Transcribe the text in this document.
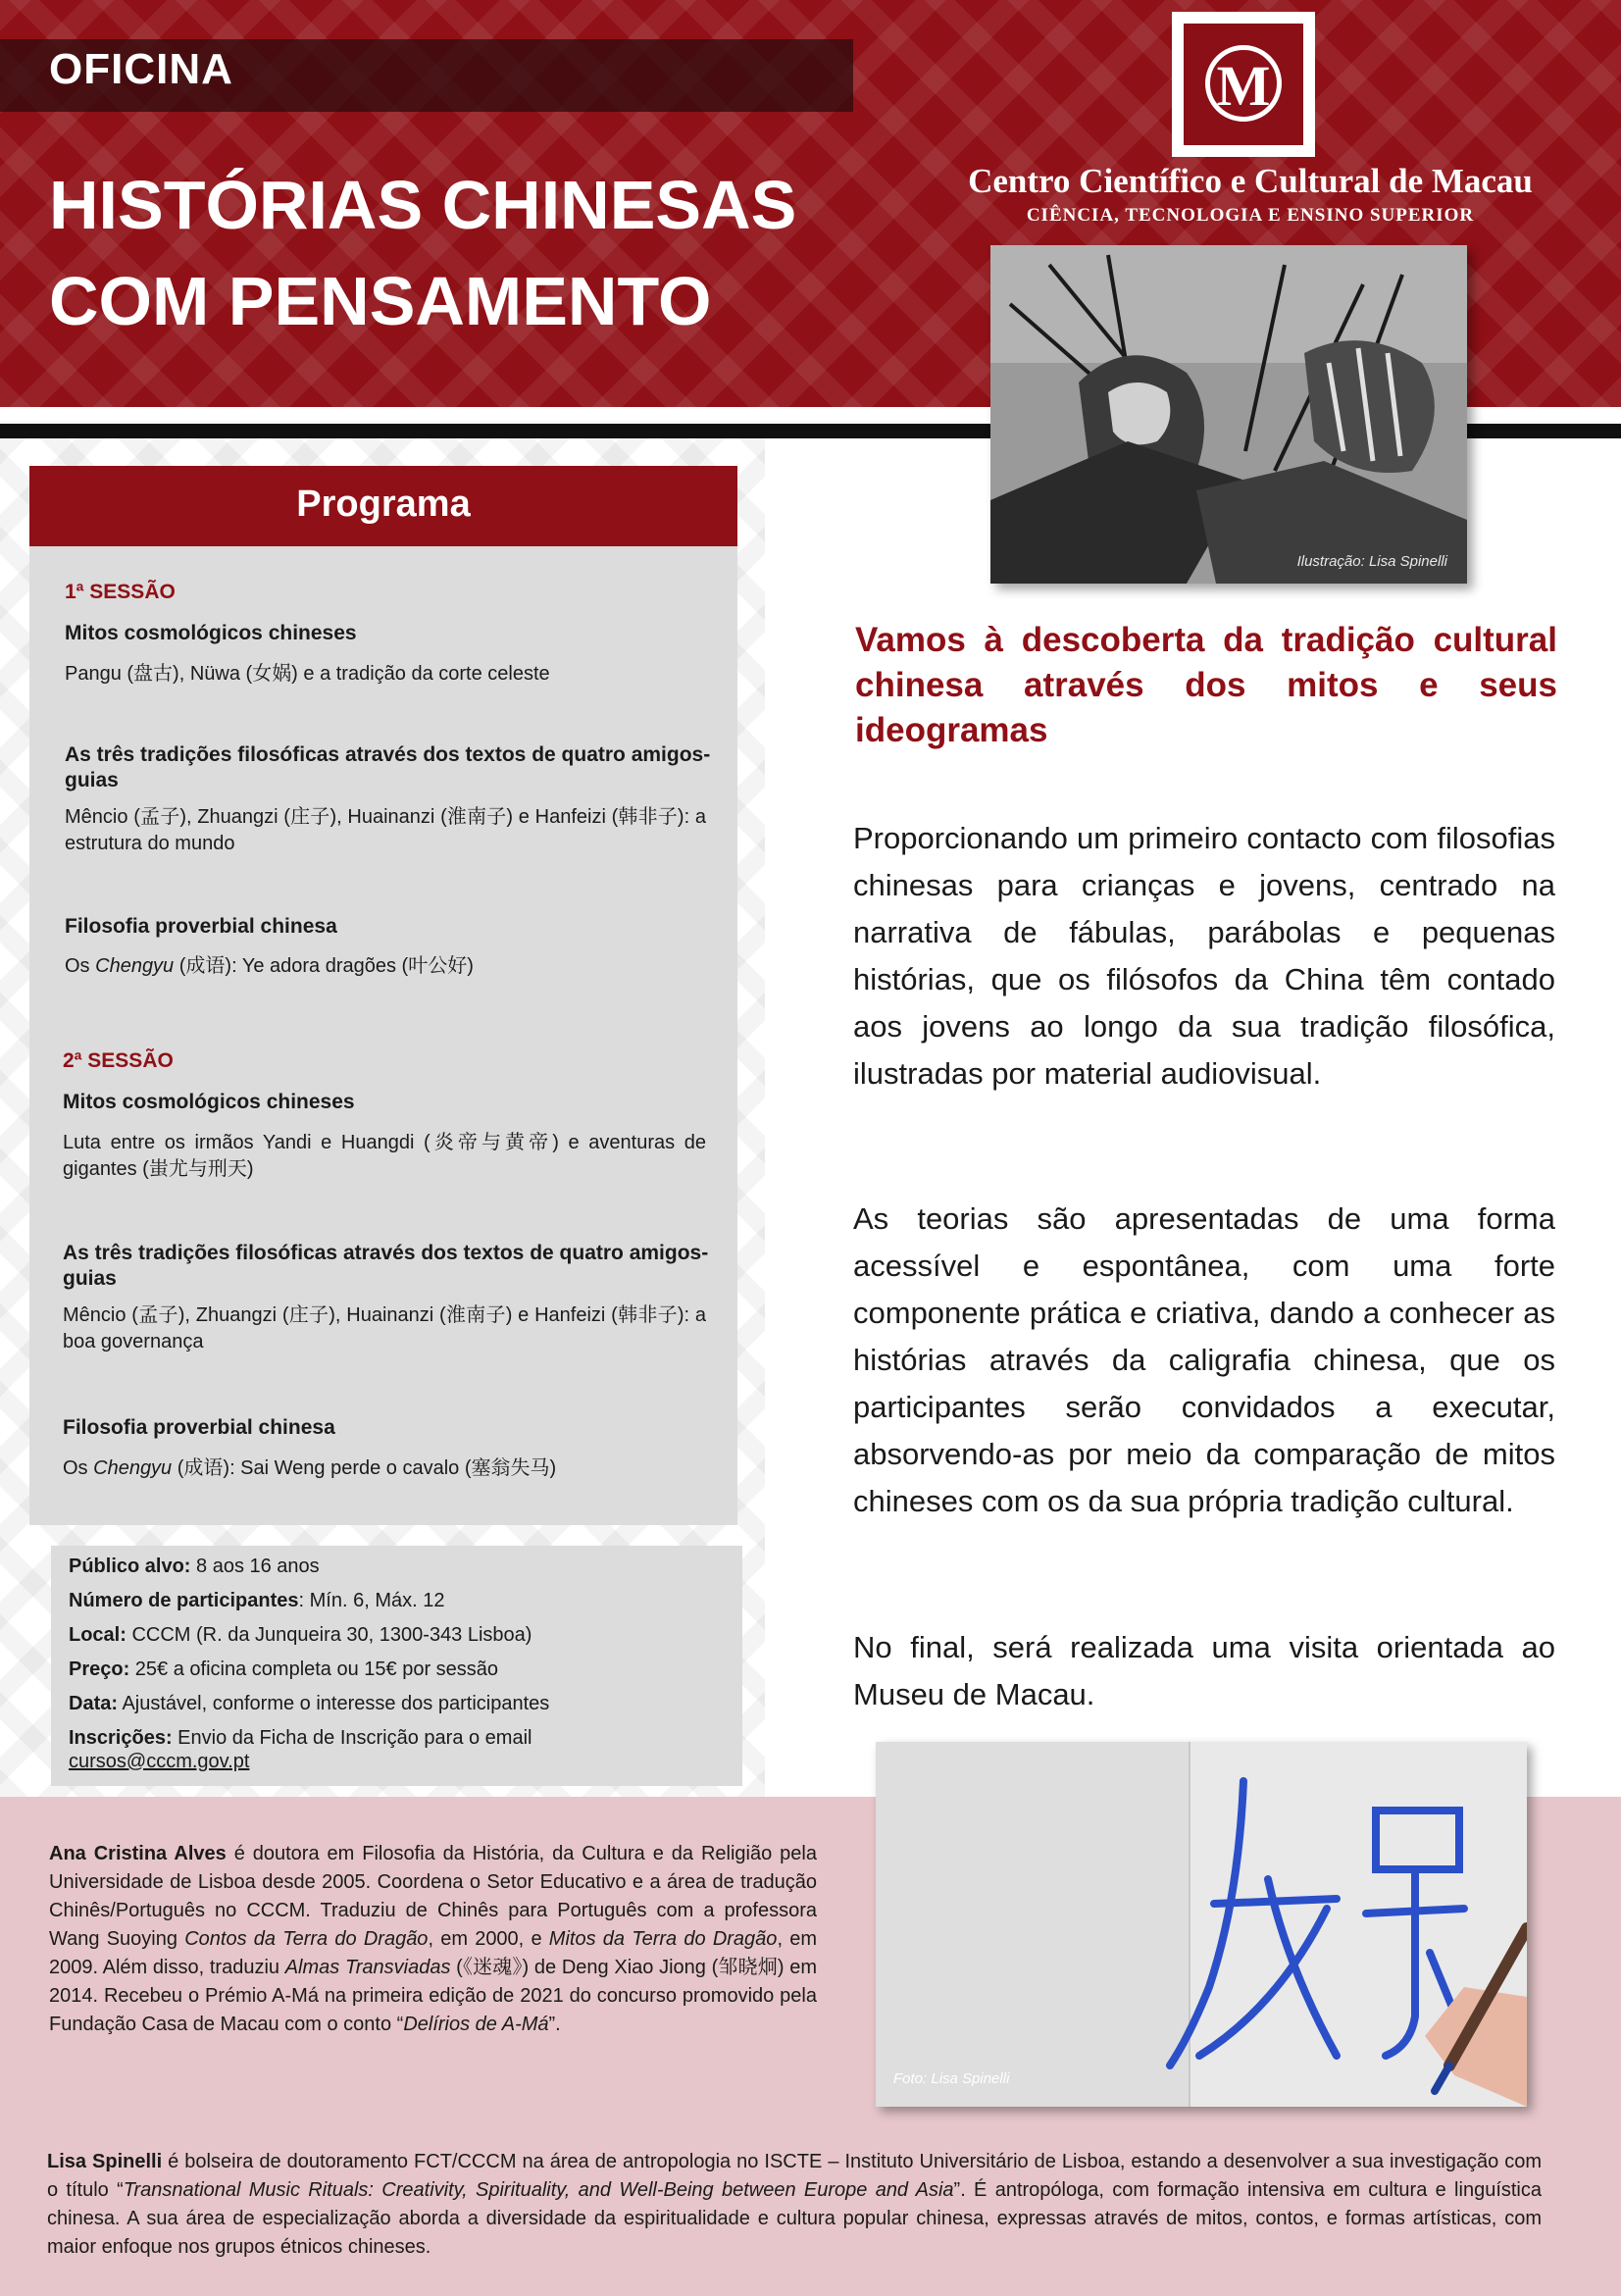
OFICINA
HISTÓRIAS CHINESAS
COM PENSAMENTO
M
Centro Científico e Cultural de Macau
CIÊNCIA, TECNOLOGIA E ENSINO SUPERIOR
Ilustração: Lisa Spinelli
Programa
1ª SESSÃO
Mitos cosmológicos chineses
Pangu (盘古), Nüwa (女娲) e a tradição da corte celeste
As três tradições filosóficas através dos textos de quatro amigos-guias
Mêncio (孟子), Zhuangzi (庄子), Huainanzi (淮南子) e Hanfeizi (韩非子): a estrutura do mundo
Filosofia proverbial chinesa
Os Chengyu (成语): Ye adora dragões (叶公好)
2ª SESSÃO
Mitos cosmológicos chineses
Luta entre os irmãos Yandi e Huangdi (炎帝与黄帝) e aventuras de gigantes (蚩尤与刑天)
As três tradições filosóficas através dos textos de quatro amigos-guias
Mêncio (孟子), Zhuangzi (庄子), Huainanzi (淮南子) e Hanfeizi (韩非子): a boa governança
Filosofia proverbial chinesa
Os Chengyu (成语): Sai Weng perde o cavalo (塞翁失马)
Público alvo: 8 aos 16 anos
Número de participantes: Mín. 6, Máx. 12
Local: CCCM (R. da Junqueira 30, 1300-343 Lisboa)
Preço: 25€ a oficina completa ou 15€ por sessão
Data: Ajustável, conforme o interesse dos participantes
Inscrições: Envio da Ficha de Inscrição para o email
cursos@cccm.gov.pt

Vamos à descoberta da tradição cultural chinesa através dos mitos e seus ideogramas

Proporcionando um primeiro contacto com filosofias chinesas para crianças e jovens, centrado na narrativa de fábulas, parábolas e pequenas histórias, que os filósofos da China têm contado aos jovens ao longo da sua tradição filosófica, ilustradas por material audiovisual.

As teorias são apresentadas de uma forma acessível e espontânea, com uma forte componente prática e criativa, dando a conhecer as histórias através da caligrafia chinesa, que os participantes serão convidados a executar, absorvendo-as por meio da comparação de mitos chineses com os da sua própria tradição cultural.

No final, será realizada uma visita orientada ao Museu de Macau.

Ana Cristina Alves é doutora em Filosofia da História, da Cultura e da Religião pela Universidade de Lisboa desde 2005. Coordena o Setor Educativo e a área de tradução Chinês/Português no CCCM. Traduziu de Chinês para Português com a professora Wang Suoying Contos da Terra do Dragão, em 2000, e Mitos da Terra do Dragão, em 2009. Além disso, traduziu Almas Transviadas (《迷魂》) de Deng Xiao Jiong (邹晓炯) em 2014. Recebeu o Prémio A-Má na primeira edição de 2021 do concurso promovido pela Fundação Casa de Macau com o conto “Delírios de A-Má”.

Foto: Lisa Spinelli

Lisa Spinelli é bolseira de doutoramento FCT/CCCM na área de antropologia no ISCTE – Instituto Universitário de Lisboa, estando a desenvolver a sua investigação com o título “Transnational Music Rituals: Creativity, Spirituality, and Well-Being between Europe and Asia”. É antropóloga, com formação intensiva em cultura e linguística chinesa. A sua área de especialização aborda a diversidade da espiritualidade e cultura popular chinesa, expressas através de mitos, contos, e formas artísticas, com maior enfoque nos grupos étnicos chineses.
